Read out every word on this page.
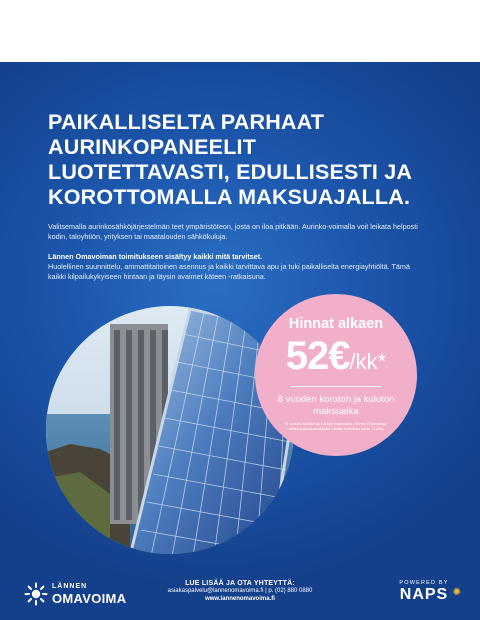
PAIKALLISELTA PARHAAT AURINKOPANEELIT LUOTETTAVASTI, EDULLISESTI JA KOROTTOMALLA MAKSUAJALLA.

Valitsemalla aurinkosähköjärjestelmän teet ympäristöteon, josta on iloa pitkään. Aurinko-voimalla voit leikata helposti kodin, taloyhtiön, yrityksen tai maatalouden sähkökuluja.

Lännen Omavoiman toimitukseen sisältyy kaikki mitä tarvitset.

Huolellinen suunnittelu, ammattitaitoinen asennus ja kaikki tarvittava apu ja tuki paikalliselta energiayhtiöltä. Tämä kaikki kilpailukykyiseen hintaan ja täysin avaimet käteen -ratkaisuna.

Hinnat alkaen
52€/kk*
8 vuoden koroton ja kuluton maksuaika
*8 vuoden koroton ja kuluton maksuaika Lännen Omavoiman sähkösopimusasiakkaille (muille todellinen korko +1,6%)
LÄNNEN
OMAVOIMA
LUE LISÄÄ JA OTA YHTEYTTÄ:
asiakaspalvelu@lannenomavoima.fi | p. (02) 880 0880
www.lannenomavoima.fi
POWERED BY
NAPS ✺
